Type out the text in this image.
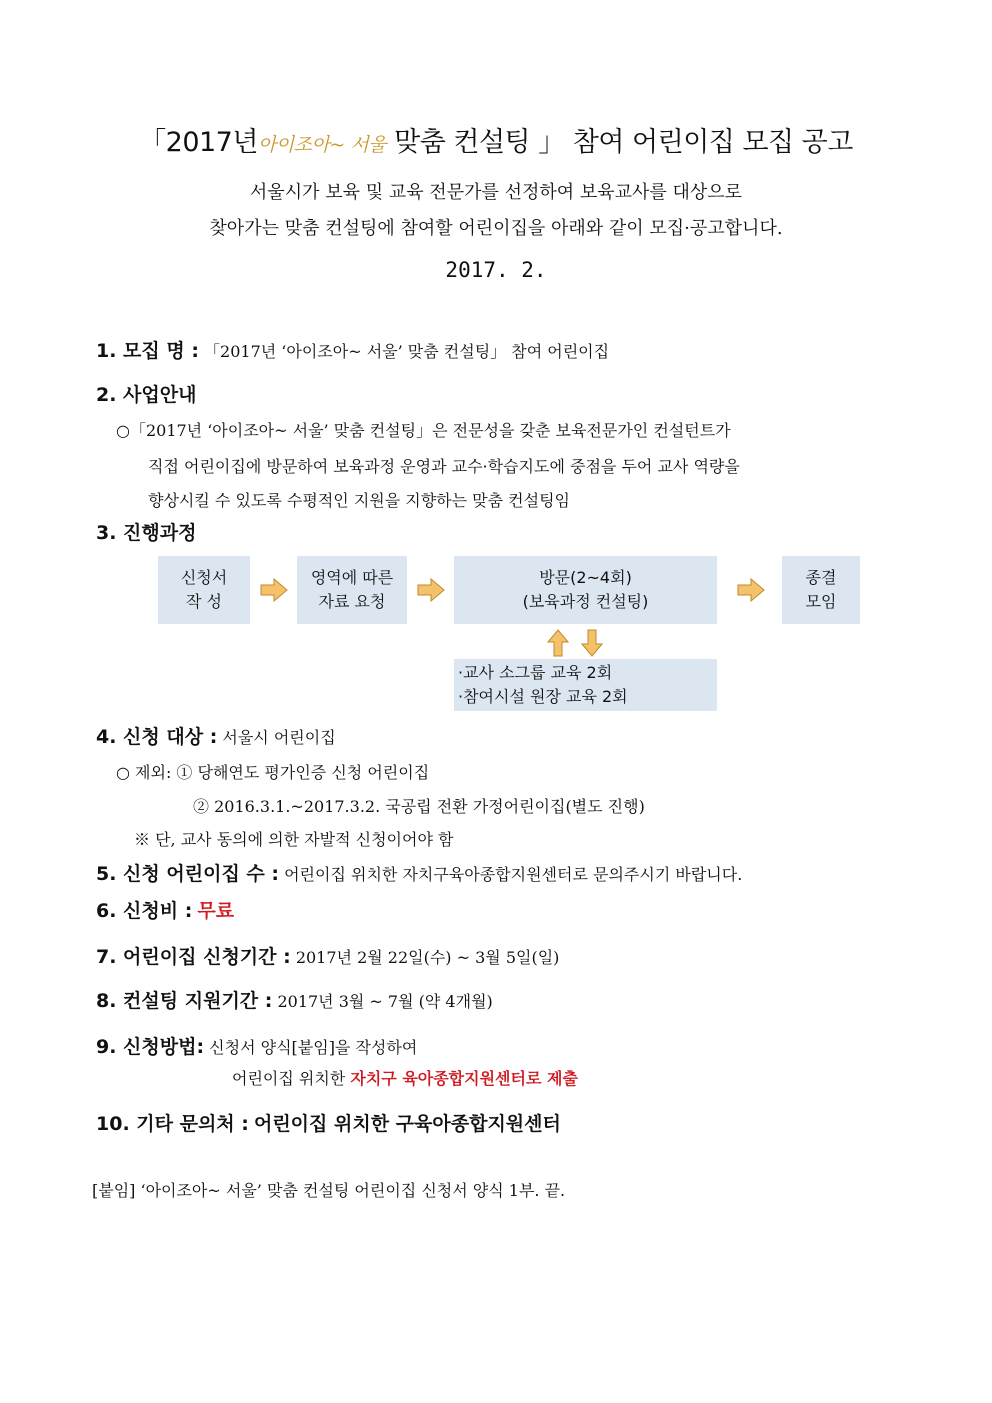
「2017년아이조아~ 서울 맞춤 컨설팅 」 참여 어린이집 모집 공고
서울시가 보육 및 교육 전문가를 선정하여 보육교사를 대상으로
찾아가는 맞춤 컨설팅에 참여할 어린이집을 아래와 같이 모집·공고합니다.
2017. 2.
1. 모집 명 : 「2017년 ‘아이조아~ 서울’ 맞춤 컨설팅」 참여 어린이집
2. 사업안내
○「2017년 ‘아이조아~ 서울’ 맞춤 컨설팅」은 전문성을 갖춘 보육전문가인 컨설턴트가
직접 어린이집에 방문하여 보육과정 운영과 교수·학습지도에 중점을 두어 교사 역량을
향상시킬 수 있도록 수평적인 지원을 지향하는 맞춤 컨설팅임
3. 진행과정
신청서
작 성
영역에 따른
자료 요청
방문(2~4회)
(보육과정 컨설팅)
종결
모임
·교사 소그룹 교육 2회
·참여시설 원장 교육 2회
4. 신청 대상 : 서울시 어린이집
○ 제외: ① 당해연도 평가인증 신청 어린이집
② 2016.3.1.~2017.3.2. 국공립 전환 가정어린이집(별도 진행)
※ 단, 교사 동의에 의한 자발적 신청이어야 함
5. 신청 어린이집 수 : 어린이집 위치한 자치구육아종합지원센터로 문의주시기 바랍니다.
6. 신청비 : 무료
7. 어린이집 신청기간 : 2017년 2월 22일(수) ~ 3월 5일(일)
8. 컨설팅 지원기간 : 2017년 3월 ~ 7월 (약 4개월)
9. 신청방법: 신청서 양식[붙임]을 작성하여
어린이집 위치한 자치구 육아종합지원센터로 제출
10. 기타 문의처 : 어린이집 위치한 구육아종합지원센터
[붙임] ‘아이조아~ 서울’ 맞춤 컨설팅 어린이집 신청서 양식 1부. 끝.
